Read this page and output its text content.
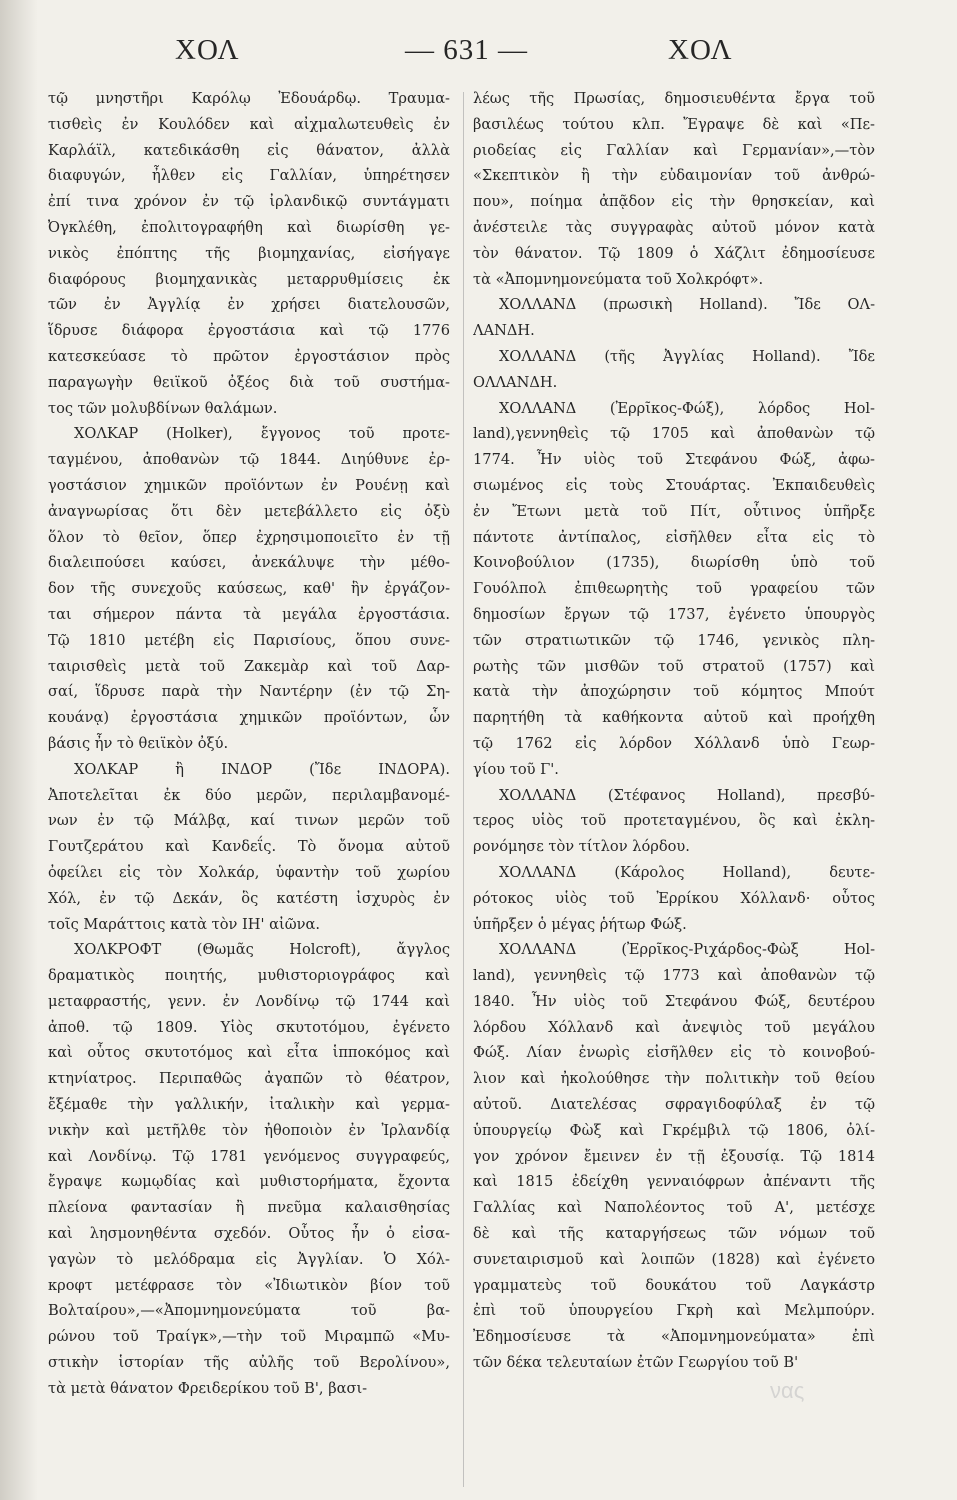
ΧΟΛ	— 631 —	ΧΟΛ
τῷ μνηστῆρι Καρόλῳ Ἐδουάρδῳ. Τραυμα-
τισθεὶς ἐν Κουλόδεν καὶ αἰχμαλωτευθεὶς ἐν
Καρλάϊλ, κατεδικάσθη εἰς θάνατον, ἀλλὰ
διαφυγών, ἦλθεν εἰς Γαλλίαν, ὑπηρέτησεν
ἐπί τινα χρόνον ἐν τῷ ἰρλανδικῷ συντάγματι
Ὀγκλέθη, ἐπολιτογραφήθη καὶ διωρίσθη γε-
νικὸς ἐπόπτης τῆς βιομηχανίας, εἰσήγαγε
διαφόρους βιομηχανικὰς μεταρρυθμίσεις ἐκ
τῶν ἐν Ἀγγλίᾳ ἐν χρήσει διατελουσῶν,
ἵδρυσε διάφορα ἐργοστάσια καὶ τῷ 1776
κατεσκεύασε τὸ πρῶτον ἐργοστάσιον πρὸς
παραγωγὴν θειϊκοῦ ὀξέος διὰ τοῦ συστήμα-
τος τῶν μολυβδίνων θαλάμων.
ΧΟΛΚΑΡ (Holker), ἔγγονος τοῦ προτε-
ταγμένου, ἀποθανὼν τῷ 1844. Διηύθυνε ἐρ-
γοστάσιον χημικῶν προϊόντων ἐν Ρουένῃ καὶ
ἀναγνωρίσας ὅτι δὲν μετεβάλλετο εἰς ὀξὺ
ὅλον τὸ θεῖον, ὅπερ ἐχρησιμοποιεῖτο ἐν τῇ
διαλειπούσει καύσει, ἀνεκάλυψε τὴν μέθο-
δον τῆς συνεχοῦς καύσεως, καθ' ἣν ἐργάζον-
ται σήμερον πάντα τὰ μεγάλα ἐργοστάσια.
Τῷ 1810 μετέβη εἰς Παρισίους, ὅπου συνε-
ταιρισθεὶς μετὰ τοῦ Ζακεμὰρ καὶ τοῦ Δαρ-
σαί, ἵδρυσε παρὰ τὴν Ναντέρην (ἐν τῷ Ση-
κουάνᾳ) ἐργοστάσια χημικῶν προϊόντων, ὧν
βάσις ἦν τὸ θειϊκὸν ὀξύ.
ΧΟΛΚΑΡ ἢ ΙΝΔΟΡ (Ἴδε ΙΝΔΟΡΑ).
Ἀποτελεῖται ἐκ δύο μερῶν, περιλαμβανομέ-
νων ἐν τῷ Μάλβᾳ, καί τινων μερῶν τοῦ
Γουτζεράτου καὶ Κανδεΐς. Τὸ ὄνομα αὐτοῦ
ὀφείλει εἰς τὸν Χολκάρ, ὑφαντὴν τοῦ χωρίου
Χόλ, ἐν τῷ Δεκάν, ὃς κατέστη ἰσχυρὸς ἐν
τοῖς Μαράττοις κατὰ τὸν ΙΗ' αἰῶνα.
ΧΟΛΚΡΟΦΤ (Θωμᾶς Holcroft), ἄγγλος
δραματικὸς ποιητής, μυθιστοριογράφος καὶ
μεταφραστής, γενν. ἐν Λονδίνῳ τῷ 1744 καὶ
ἀποθ. τῷ 1809. Υἱὸς σκυτοτόμου, ἐγένετο
καὶ οὗτος σκυτοτόμος καὶ εἶτα ἱπποκόμος καὶ
κτηνίατρος. Περιπαθῶς ἀγαπῶν τὸ θέατρον,
ἔξέμαθε τὴν γαλλικήν, ἰταλικὴν καὶ γερμα-
νικὴν καὶ μετῆλθε τὸν ἠθοποιὸν ἐν Ἰρλανδίᾳ
καὶ Λονδίνῳ. Τῷ 1781 γενόμενος συγγραφεύς,
ἔγραψε κωμῳδίας καὶ μυθιστορήματα, ἔχοντα
πλείονα φαντασίαν ἢ πνεῦμα καλαισθησίας
καὶ λησμονηθέντα σχεδόν. Οὗτος ἦν ὁ εἰσα-
γαγὼν τὸ μελόδραμα εἰς Ἀγγλίαν. Ὁ Χόλ-
κροφτ μετέφρασε τὸν «Ἰδιωτικὸν βίον τοῦ
Βολταίρου»,—«Ἀπομνημονεύματα τοῦ βα-
ρώνου τοῦ Τραίγκ»,—τὴν τοῦ Μιραμπῶ «Μυ-
στικὴν ἱστορίαν τῆς αὐλῆς τοῦ Βερολίνου»,
τὰ μετὰ θάνατον Φρειδερίκου τοῦ Β', βασι-
λέως τῆς Πρωσίας, δημοσιευθέντα ἔργα τοῦ
βασιλέως τούτου κλπ. Ἔγραψε δὲ καὶ «Πε-
ριοδείας εἰς Γαλλίαν καὶ Γερμανίαν»,—τὸν
«Σκεπτικὸν ἢ τὴν εὐδαιμονίαν τοῦ ἀνθρώ-
που», ποίημα ἀπᾷδον εἰς τὴν θρησκείαν, καὶ
ἀνέστειλε τὰς συγγραφὰς αὐτοῦ μόνον κατὰ
τὸν θάνατον. Τῷ 1809 ὁ Χάζλιτ ἐδημοσίευσε
τὰ «Ἀπομνημονεύματα τοῦ Χολκρόφτ».
ΧΟΛΛΑΝΔ (πρωσικὴ Holland). Ἴδε ΟΛ-
ΛΑΝΔΗ.
ΧΟΛΛΑΝΔ (τῆς Ἀγγλίας Holland). Ἴδε
ΟΛΛΑΝΔΗ.
ΧΟΛΛΑΝΔ (Ἐρρῖκος-Φώξ), λόρδος Hol-
land),γεννηθεὶς τῷ 1705 καὶ ἀποθανὼν τῷ
1774. Ἦν υἱὸς τοῦ Στεφάνου Φώξ, ἀφω-
σιωμένος εἰς τοὺς Στουάρτας. Ἐκπαιδευθεὶς
ἐν Ἔτωνι μετὰ τοῦ Πίτ, οὗτινος ὑπῆρξε
πάντοτε ἀντίπαλος, εἰσῆλθεν εἶτα εἰς τὸ
Κοινοβούλιον (1735), διωρίσθη ὑπὸ τοῦ
Γουόλπολ ἐπιθεωρητὴς τοῦ γραφείου τῶν
δημοσίων ἔργων τῷ 1737, ἐγένετο ὑπουργὸς
τῶν στρατιωτικῶν τῷ 1746, γενικὸς πλη-
ρωτὴς τῶν μισθῶν τοῦ στρατοῦ (1757) καὶ
κατὰ τὴν ἀποχώρησιν τοῦ κόμητος Μπούτ
παρητήθη τὰ καθήκοντα αὐτοῦ καὶ προήχθη
τῷ 1762 εἰς λόρδον Χόλλανδ ὑπὸ Γεωρ-
γίου τοῦ Γ'.
ΧΟΛΛΑΝΔ (Στέφανος Holland), πρεσβύ-
τερος υἱὸς τοῦ προτεταγμένου, ὃς καὶ ἐκλη-
ρονόμησε τὸν τίτλον λόρδου.
ΧΟΛΛΑΝΔ (Κάρολος Holland), δευτε-
ρότοκος υἱὸς τοῦ Ἐρρίκου Χόλλανδ· οὗτος
ὑπῆρξεν ὁ μέγας ῥήτωρ Φώξ.
ΧΟΛΛΑΝΔ (Ἐρρῖκος-Ριχάρδος-Φὼξ Hol-
land), γεννηθεὶς τῷ 1773 καὶ ἀποθανὼν τῷ
1840. Ἦν υἱὸς τοῦ Στεφάνου Φώξ, δευτέρου
λόρδου Χόλλανδ καὶ ἀνεψιὸς τοῦ μεγάλου
Φώξ. Λίαν ἐνωρὶς εἰσῆλθεν εἰς τὸ κοινοβού-
λιον καὶ ἠκολούθησε τὴν πολιτικὴν τοῦ θείου
αὐτοῦ. Διατελέσας σφραγιδοφύλαξ ἐν τῷ
ὑπουργείῳ Φὼξ καὶ Γκρέμβιλ τῷ 1806, ὀλί-
γον χρόνον ἔμεινεν ἐν τῇ ἐξουσίᾳ. Τῷ 1814
καὶ 1815 ἐδείχθη γενναιόφρων ἀπέναντι τῆς
Γαλλίας καὶ Ναπολέοντος τοῦ Α', μετέσχε
δὲ καὶ τῆς καταργήσεως τῶν νόμων τοῦ
συνεταιρισμοῦ καὶ λοιπῶν (1828) καὶ ἐγένετο
γραμματεὺς τοῦ δουκάτου τοῦ Λαγκάστρ
ἐπὶ τοῦ ὑπουργείου Γκρὴ καὶ Μελμπούρν.
Ἐδημοσίευσε τὰ «Ἀπομνημονεύματα» ἐπὶ
τῶν δέκα τελευταίων ἐτῶν Γεωργίου τοῦ Β'
νας
